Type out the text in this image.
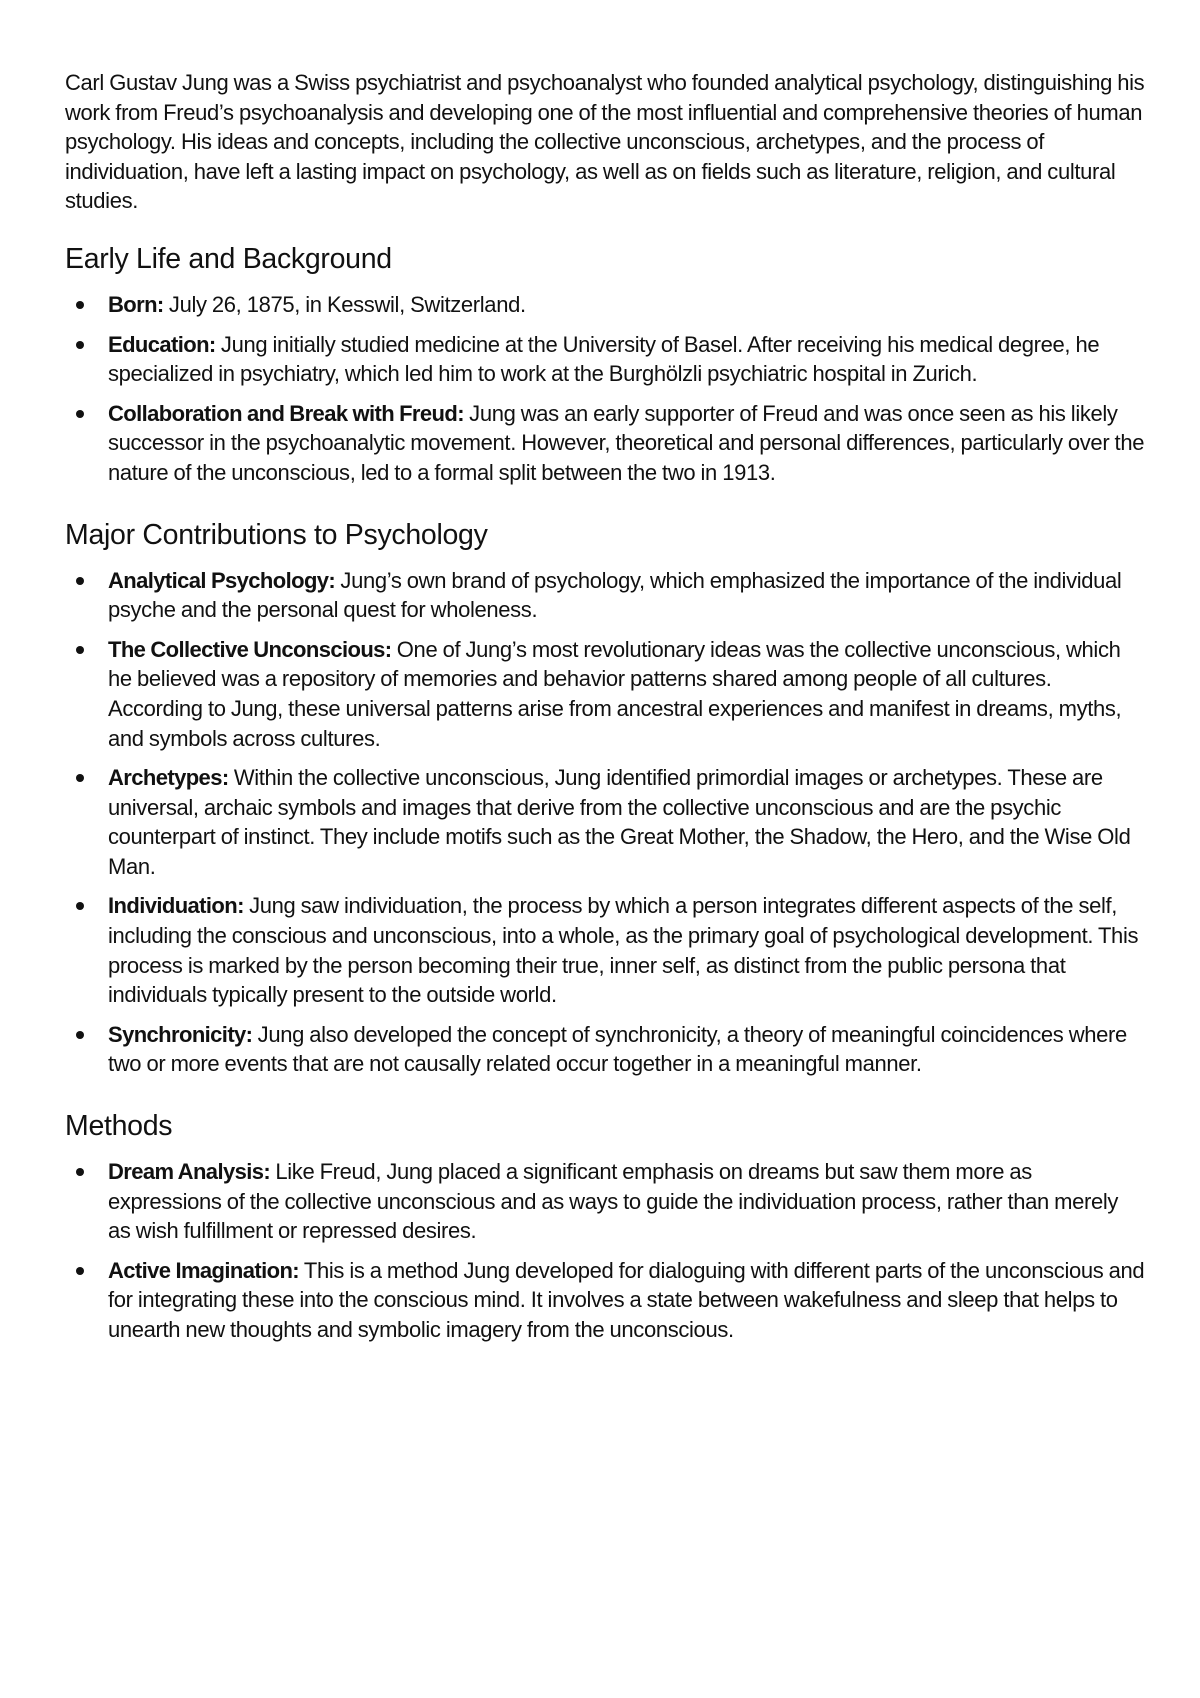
Carl Gustav Jung was a Swiss psychiatrist and psychoanalyst who founded analytical psychology, distinguishing his work from Freud’s psychoanalysis and developing one of the most influential and comprehensive theories of human psychology. His ideas and concepts, including the collective unconscious, archetypes, and the process of individuation, have left a lasting impact on psychology, as well as on fields such as literature, religion, and cultural studies.

Early Life and Background
Born: July 26, 1875, in Kesswil, Switzerland.
Education: Jung initially studied medicine at the University of Basel. After receiving his medical degree, he specialized in psychiatry, which led him to work at the Burghölzli psychiatric hospital in Zurich.
Collaboration and Break with Freud: Jung was an early supporter of Freud and was once seen as his likely successor in the psychoanalytic movement. However, theoretical and personal differences, particularly over the nature of the unconscious, led to a formal split between the two in 1913.
Major Contributions to Psychology
Analytical Psychology: Jung’s own brand of psychology, which emphasized the importance of the individual psyche and the personal quest for wholeness.
The Collective Unconscious: One of Jung’s most revolutionary ideas was the collective unconscious, which he believed was a repository of memories and behavior patterns shared among people of all cultures. According to Jung, these universal patterns arise from ancestral experiences and manifest in dreams, myths, and symbols across cultures.
Archetypes: Within the collective unconscious, Jung identified primordial images or archetypes. These are universal, archaic symbols and images that derive from the collective unconscious and are the psychic counterpart of instinct. They include motifs such as the Great Mother, the Shadow, the Hero, and the Wise Old Man.
Individuation: Jung saw individuation, the process by which a person integrates different aspects of the self, including the conscious and unconscious, into a whole, as the primary goal of psychological development. This process is marked by the person becoming their true, inner self, as distinct from the public persona that individuals typically present to the outside world.
Synchronicity: Jung also developed the concept of synchronicity, a theory of meaningful coincidences where two or more events that are not causally related occur together in a meaningful manner.
Methods
Dream Analysis: Like Freud, Jung placed a significant emphasis on dreams but saw them more as expressions of the collective unconscious and as ways to guide the individuation process, rather than merely as wish fulfillment or repressed desires.
Active Imagination: This is a method Jung developed for dialoguing with different parts of the unconscious and for integrating these into the conscious mind. It involves a state between wakefulness and sleep that helps to unearth new thoughts and symbolic imagery from the unconscious.
